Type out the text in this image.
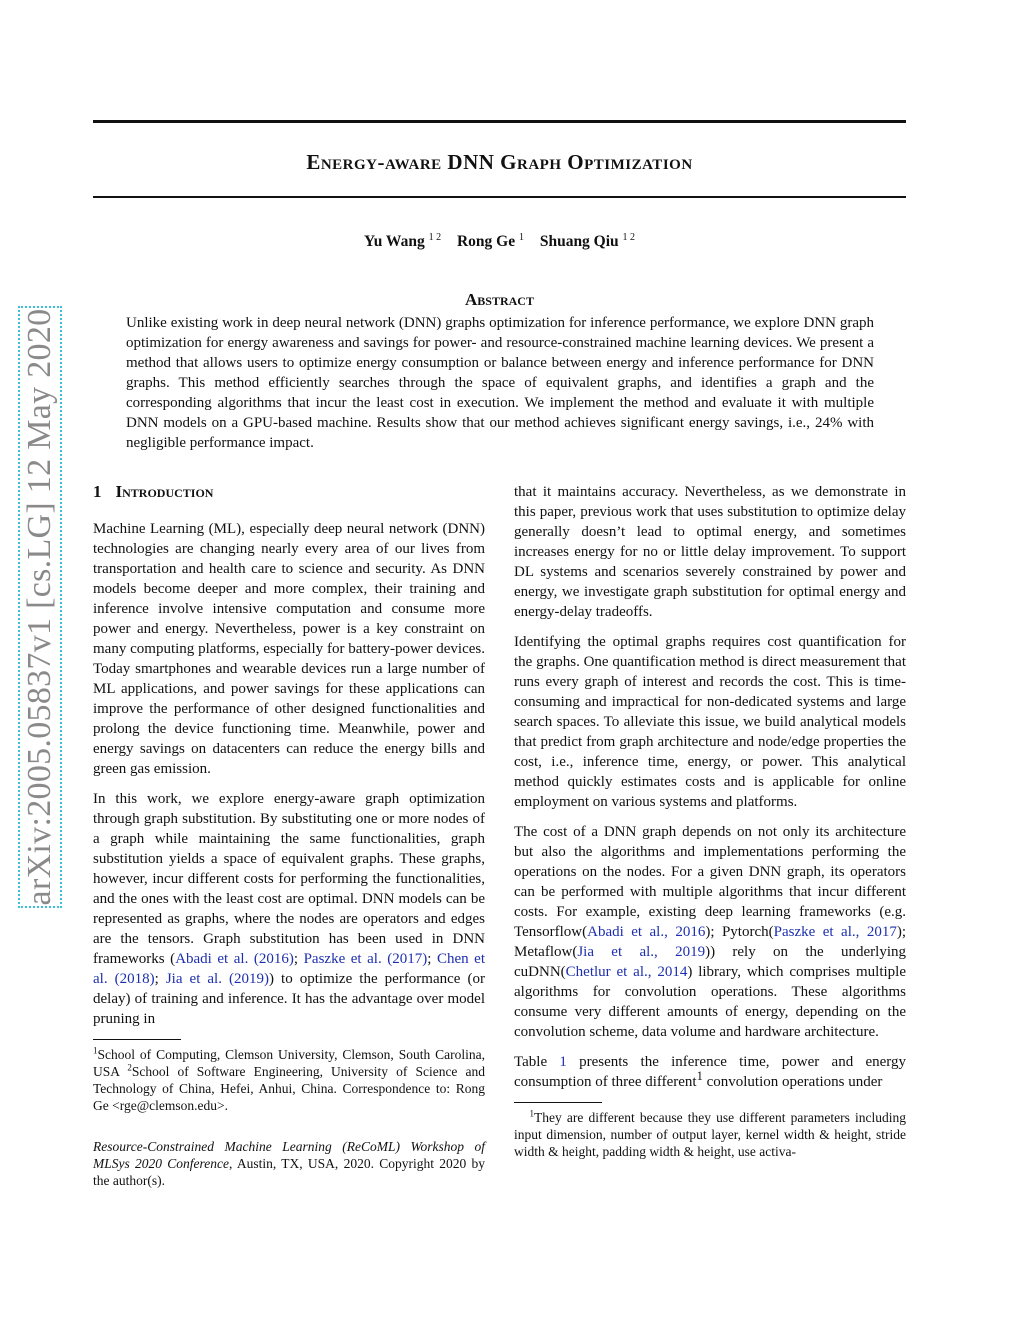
arXiv:2005.05837v1 [cs.LG] 12 May 2020
Energy-aware DNN Graph Optimization
Yu Wang $^{1 2}$ Rong Ge $^1$ Shuang Qiu $^{1 2}$
Abstract
Unlike existing work in deep neural network (DNN) graphs optimization for inference performance, we explore DNN graph optimization for energy awareness and savings for power- and resource-constrained machine learning devices. We present a method that allows users to optimize energy consumption or balance between energy and inference performance for DNN graphs. This method efficiently searches through the space of equivalent graphs, and identifies a graph and the corresponding algorithms that incur the least cost in execution. We implement the method and evaluate it with multiple DNN models on a GPU-based machine. Results show that our method achieves significant energy savings, i.e., 24% with negligible performance impact.
1 Introduction

Machine Learning (ML), especially deep neural network (DNN) technologies are changing nearly every area of our lives from transportation and health care to science and security. As DNN models become deeper and more complex, their training and inference involve intensive computation and consume more power and energy. Nevertheless, power is a key constraint on many computing platforms, especially for battery-power devices. Today smartphones and wearable devices run a large number of ML applications, and power savings for these applications can improve the performance of other designed functionalities and prolong the device functioning time. Meanwhile, power and energy savings on datacenters can reduce the energy bills and green gas emission.

In this work, we explore energy-aware graph optimization through graph substitution. By substituting one or more nodes of a graph while maintaining the same functionalities, graph substitution yields a space of equivalent graphs. These graphs, however, incur different costs for performing the functionalities, and the ones with the least cost are optimal. DNN models can be represented as graphs, where the nodes are operators and edges are the tensors. Graph substitution has been used in DNN frameworks (Abadi et al. (2016); Paszke et al. (2017); Chen et al. (2018); Jia et al. (2019)) to optimize the performance (or delay) of training and inference. It has the advantage over model pruning in

$^1$School of Computing, Clemson University, Clemson, South Carolina, USA $^2$School of Software Engineering, University of Science and Technology of China, Hefei, Anhui, China. Correspondence to: Rong Ge <rge@clemson.edu>.

Resource-Constrained Machine Learning (ReCoML) Workshop of MLSys 2020 Conference, Austin, TX, USA, 2020. Copyright 2020 by the author(s).

that it maintains accuracy. Nevertheless, as we demonstrate in this paper, previous work that uses substitution to optimize delay generally doesn’t lead to optimal energy, and sometimes increases energy for no or little delay improvement. To support DL systems and scenarios severely constrained by power and energy, we investigate graph substitution for optimal energy and energy-delay tradeoffs.

Identifying the optimal graphs requires cost quantification for the graphs. One quantification method is direct measurement that runs every graph of interest and records the cost. This is time-consuming and impractical for non-dedicated systems and large search spaces. To alleviate this issue, we build analytical models that predict from graph architecture and node/edge properties the cost, i.e., inference time, energy, or power. This analytical method quickly estimates costs and is applicable for online employment on various systems and platforms.

The cost of a DNN graph depends on not only its architecture but also the algorithms and implementations performing the operations on the nodes. For a given DNN graph, its operators can be performed with multiple algorithms that incur different costs. For example, existing deep learning frameworks (e.g. Tensorflow(Abadi et al., 2016); Pytorch(Paszke et al., 2017); Metaflow(Jia et al., 2019)) rely on the underlying cuDNN(Chetlur et al., 2014) library, which comprises multiple algorithms for convolution operations. These algorithms consume very different amounts of energy, depending on the convolution scheme, data volume and hardware architecture.

Table 1 presents the inference time, power and energy consumption of three different$^1$ convolution operations under

$^1$They are different because they use different parameters including input dimension, number of output layer, kernel width & height, stride width & height, padding width & height, use activa-
